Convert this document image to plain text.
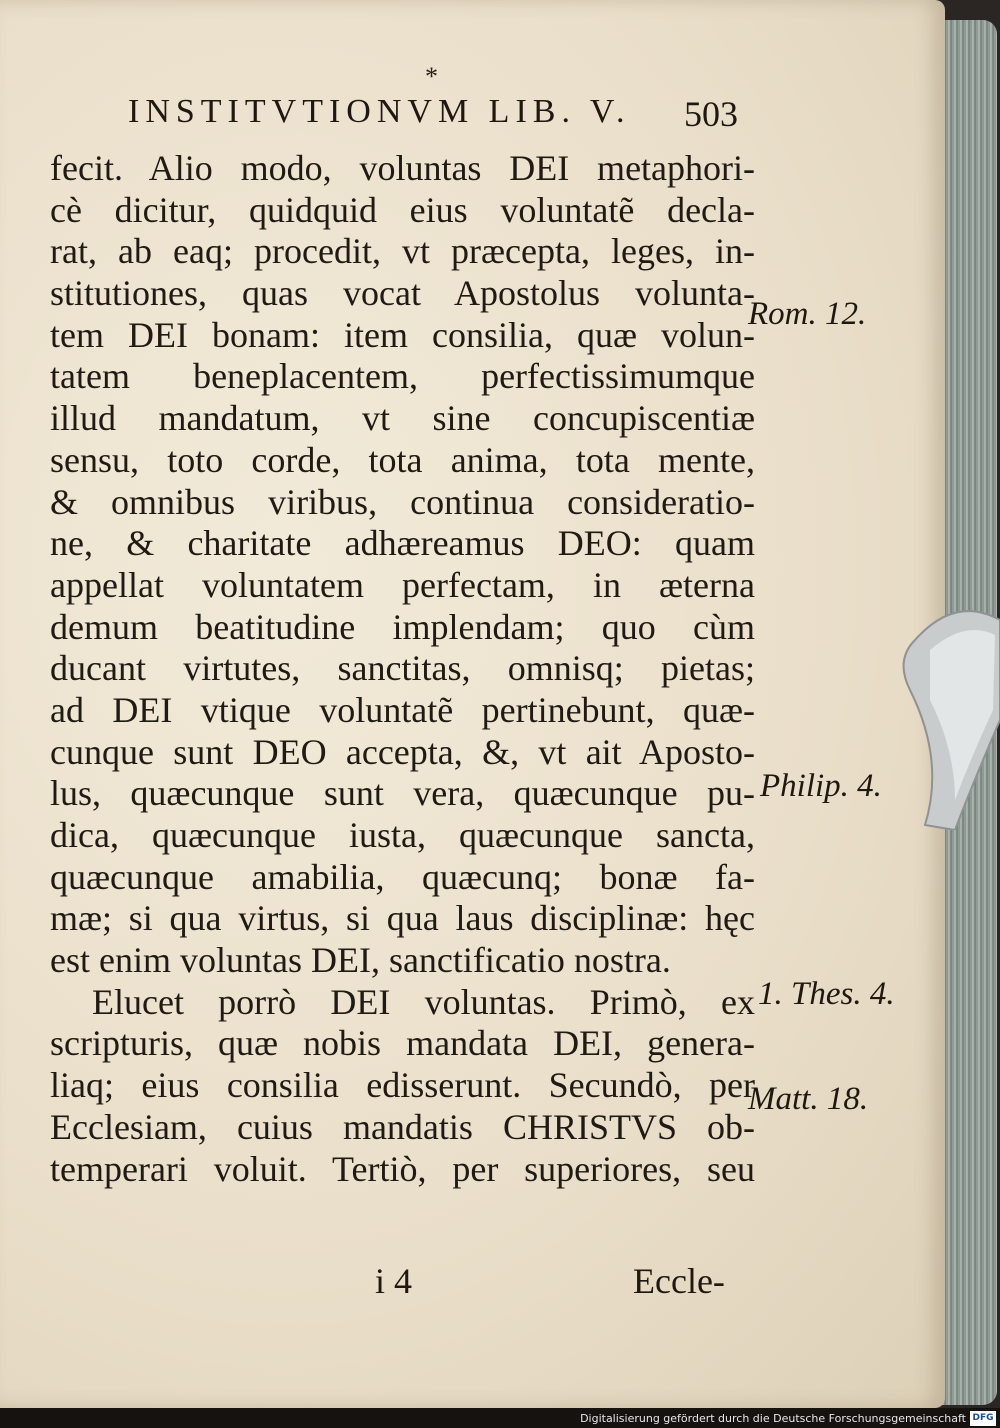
*
INSTITVTIONVM LIB. V. 503
fecit. Alio modo, voluntas DEI metaphori-
cè dicitur, quidquid eius voluntatẽ decla-
rat, ab eaq; procedit, vt præcepta, leges, in-
stitutiones, quas vocat Apostolus volunta-
tem DEI bonam: item consilia, quæ volun-
tatem beneplacentem, perfectissimumque
illud mandatum, vt sine concupiscentiæ
sensu, toto corde, tota anima, tota mente,
& omnibus viribus, continua consideratio-
ne, & charitate adhæreamus DEO: quam
appellat voluntatem perfectam, in æterna
demum beatitudine implendam; quo cùm
ducant virtutes, sanctitas, omnisq; pietas;
ad DEI vtique voluntatẽ pertinebunt, quæ-
cunque sunt DEO accepta, &, vt ait Aposto-
lus, quæcunque sunt vera, quæcunque pu-
dica, quæcunque iusta, quæcunque sancta,
quæcunque amabilia, quæcunq; bonæ fa-
mæ; si qua virtus, si qua laus disciplinæ: hęc
est enim voluntas DEI, sanctificatio nostra.
Elucet porrò DEI voluntas. Primò, ex
scripturis, quæ nobis mandata DEI, genera-
liaq; eius consilia edisserunt. Secundò, per
Ecclesiam, cuius mandatis CHRISTVS ob-
temperari voluit. Tertiò, per superiores, seu
Rom. 12.
Philip. 4.
1. Thes. 4.
Matt. 18.
i 4	Eccle-
Digitalisierung gefördert durch die Deutsche Forschungsgemeinschaft DFG
